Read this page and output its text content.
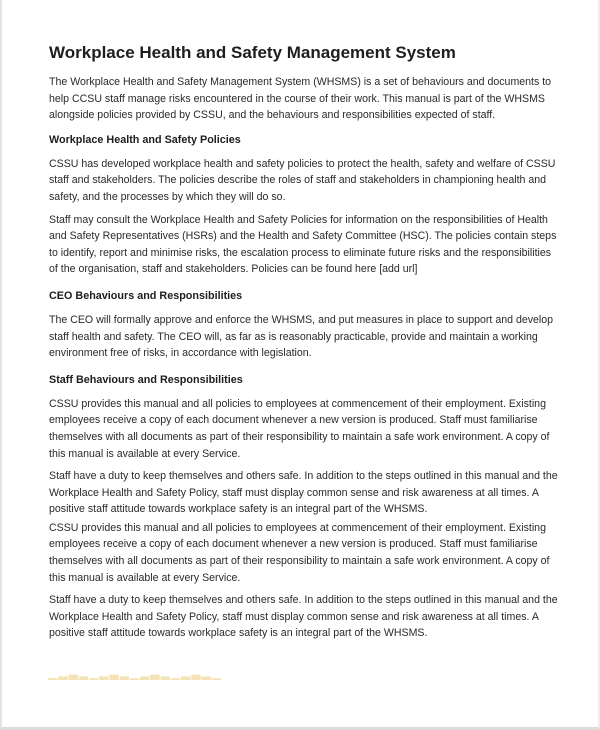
Workplace Health and Safety Management System

The Workplace Health and Safety Management System (WHSMS) is a set of behaviours and documents to help CCSU staff manage risks encountered in the course of their work. This manual is part of the WHSMS alongside policies provided by CSSU, and the behaviours and responsibilities expected of staff.

Workplace Health and Safety Policies

CSSU has developed workplace health and safety policies to protect the health, safety and welfare of CSSU staff and stakeholders. The policies describe the roles of staff and stakeholders in championing health and safety, and the processes by which they will do so.

Staff may consult the Workplace Health and Safety Policies for information on the responsibilities of Health and Safety Representatives (HSRs) and the Health and Safety Committee (HSC). The policies contain steps to identify, report and minimise risks, the escalation process to eliminate future risks and the responsibilities of the organisation, staff and stakeholders. Policies can be found here [add url]

CEO Behaviours and Responsibilities

The CEO will formally approve and enforce the WHSMS, and put measures in place to support and develop staff health and safety. The CEO will, as far as is reasonably practicable, provide and maintain a working environment free of risks, in accordance with legislation.

Staff Behaviours and Responsibilities

CSSU provides this manual and all policies to employees at commencement of their employment. Existing employees receive a copy of each document whenever a new version is produced. Staff must familiarise themselves with all documents as part of their responsibility to maintain a safe work environment. A copy of this manual is available at every Service.

Staff have a duty to keep themselves and others safe. In addition to the steps outlined in this manual and the Workplace Health and Safety Policy, staff must display common sense and risk awareness at all times. A positive staff attitude towards workplace safety is an integral part of the WHSMS.

CSSU provides this manual and all policies to employees at commencement of their employment. Existing employees receive a copy of each document whenever a new version is produced. Staff must familiarise themselves with all documents as part of their responsibility to maintain a safe work environment. A copy of this manual is available at every Service.

Staff have a duty to keep themselves and others safe. In addition to the steps outlined in this manual and the Workplace Health and Safety Policy, staff must display common sense and risk awareness at all times. A positive staff attitude towards workplace safety is an integral part of the WHSMS.

▁▂▃▂▁▂▃▂▁▂▃▂▁▂▃▂▁
